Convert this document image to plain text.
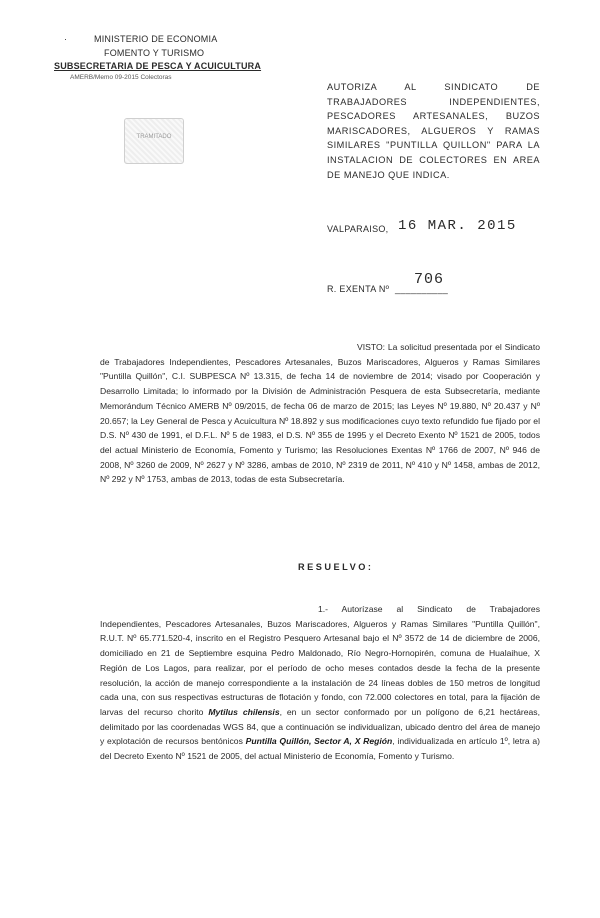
·	MINISTERIO DE ECONOMIA
FOMENTO Y TURISMO
SUBSECRETARIA DE PESCA Y ACUICULTURA
AMERB/Memo 09-2015 Colectoras
TRAMITADO
AUTORIZA AL SINDICATO DE TRABAJADORES INDEPENDIENTES, PESCADORES ARTESANALES, BUZOS MARISCADORES, ALGUEROS Y RAMAS SIMILARES "PUNTILLA QUILLON" PARA LA INSTALACION DE COLECTORES EN AREA DE MANEJO QUE INDICA.
VALPARAISO, 16 MAR. 2015
R. EXENTA Nº __________
706
VISTO: La solicitud presentada por el Sindicato de Trabajadores Independientes, Pescadores Artesanales, Buzos Mariscadores, Algueros y Ramas Similares "Puntilla Quillón", C.I. SUBPESCA Nº 13.315, de fecha 14 de noviembre de 2014; visado por Cooperación y Desarrollo Limitada; lo informado por la División de Administración Pesquera de esta Subsecretaría, mediante Memorándum Técnico AMERB Nº 09/2015, de fecha 06 de marzo de 2015; las Leyes Nº 19.880, Nº 20.437 y Nº 20.657; la Ley General de Pesca y Acuicultura Nº 18.892 y sus modificaciones cuyo texto refundido fue fijado por el D.S. Nº 430 de 1991, el D.F.L. Nº 5 de 1983, el D.S. Nº 355 de 1995 y el Decreto Exento Nº 1521 de 2005, todos del actual Ministerio de Economía, Fomento y Turismo; las Resoluciones Exentas Nº 1766 de 2007, Nº 946 de 2008, Nº 3260 de 2009, Nº 2627 y Nº 3286, ambas de 2010, Nº 2319 de 2011, Nº 410 y Nº 1458, ambas de 2012, Nº 292 y Nº 1753, ambas de 2013, todas de esta Subsecretaría.
RESUELVO:
1.- Autorízase al Sindicato de Trabajadores Independientes, Pescadores Artesanales, Buzos Mariscadores, Algueros y Ramas Similares "Puntilla Quillón", R.U.T. Nº 65.771.520-4, inscrito en el Registro Pesquero Artesanal bajo el Nº 3572 de 14 de diciembre de 2006, domiciliado en 21 de Septiembre esquina Pedro Maldonado, Río Negro-Hornopirén, comuna de Hualaihue, X Región de Los Lagos, para realizar, por el período de ocho meses contados desde la fecha de la presente resolución, la acción de manejo correspondiente a la instalación de 24 líneas dobles de 150 metros de longitud cada una, con sus respectivas estructuras de flotación y fondo, con 72.000 colectores en total, para la fijación de larvas del recurso chorito Mytilus chilensis, en un sector conformado por un polígono de 6,21 hectáreas, delimitado por las coordenadas WGS 84, que a continuación se individualizan, ubicado dentro del área de manejo y explotación de recursos bentónicos Puntilla Quillón, Sector A, X Región, individualizada en artículo 1º, letra a) del Decreto Exento Nº 1521 de 2005, del actual Ministerio de Economía, Fomento y Turismo.
